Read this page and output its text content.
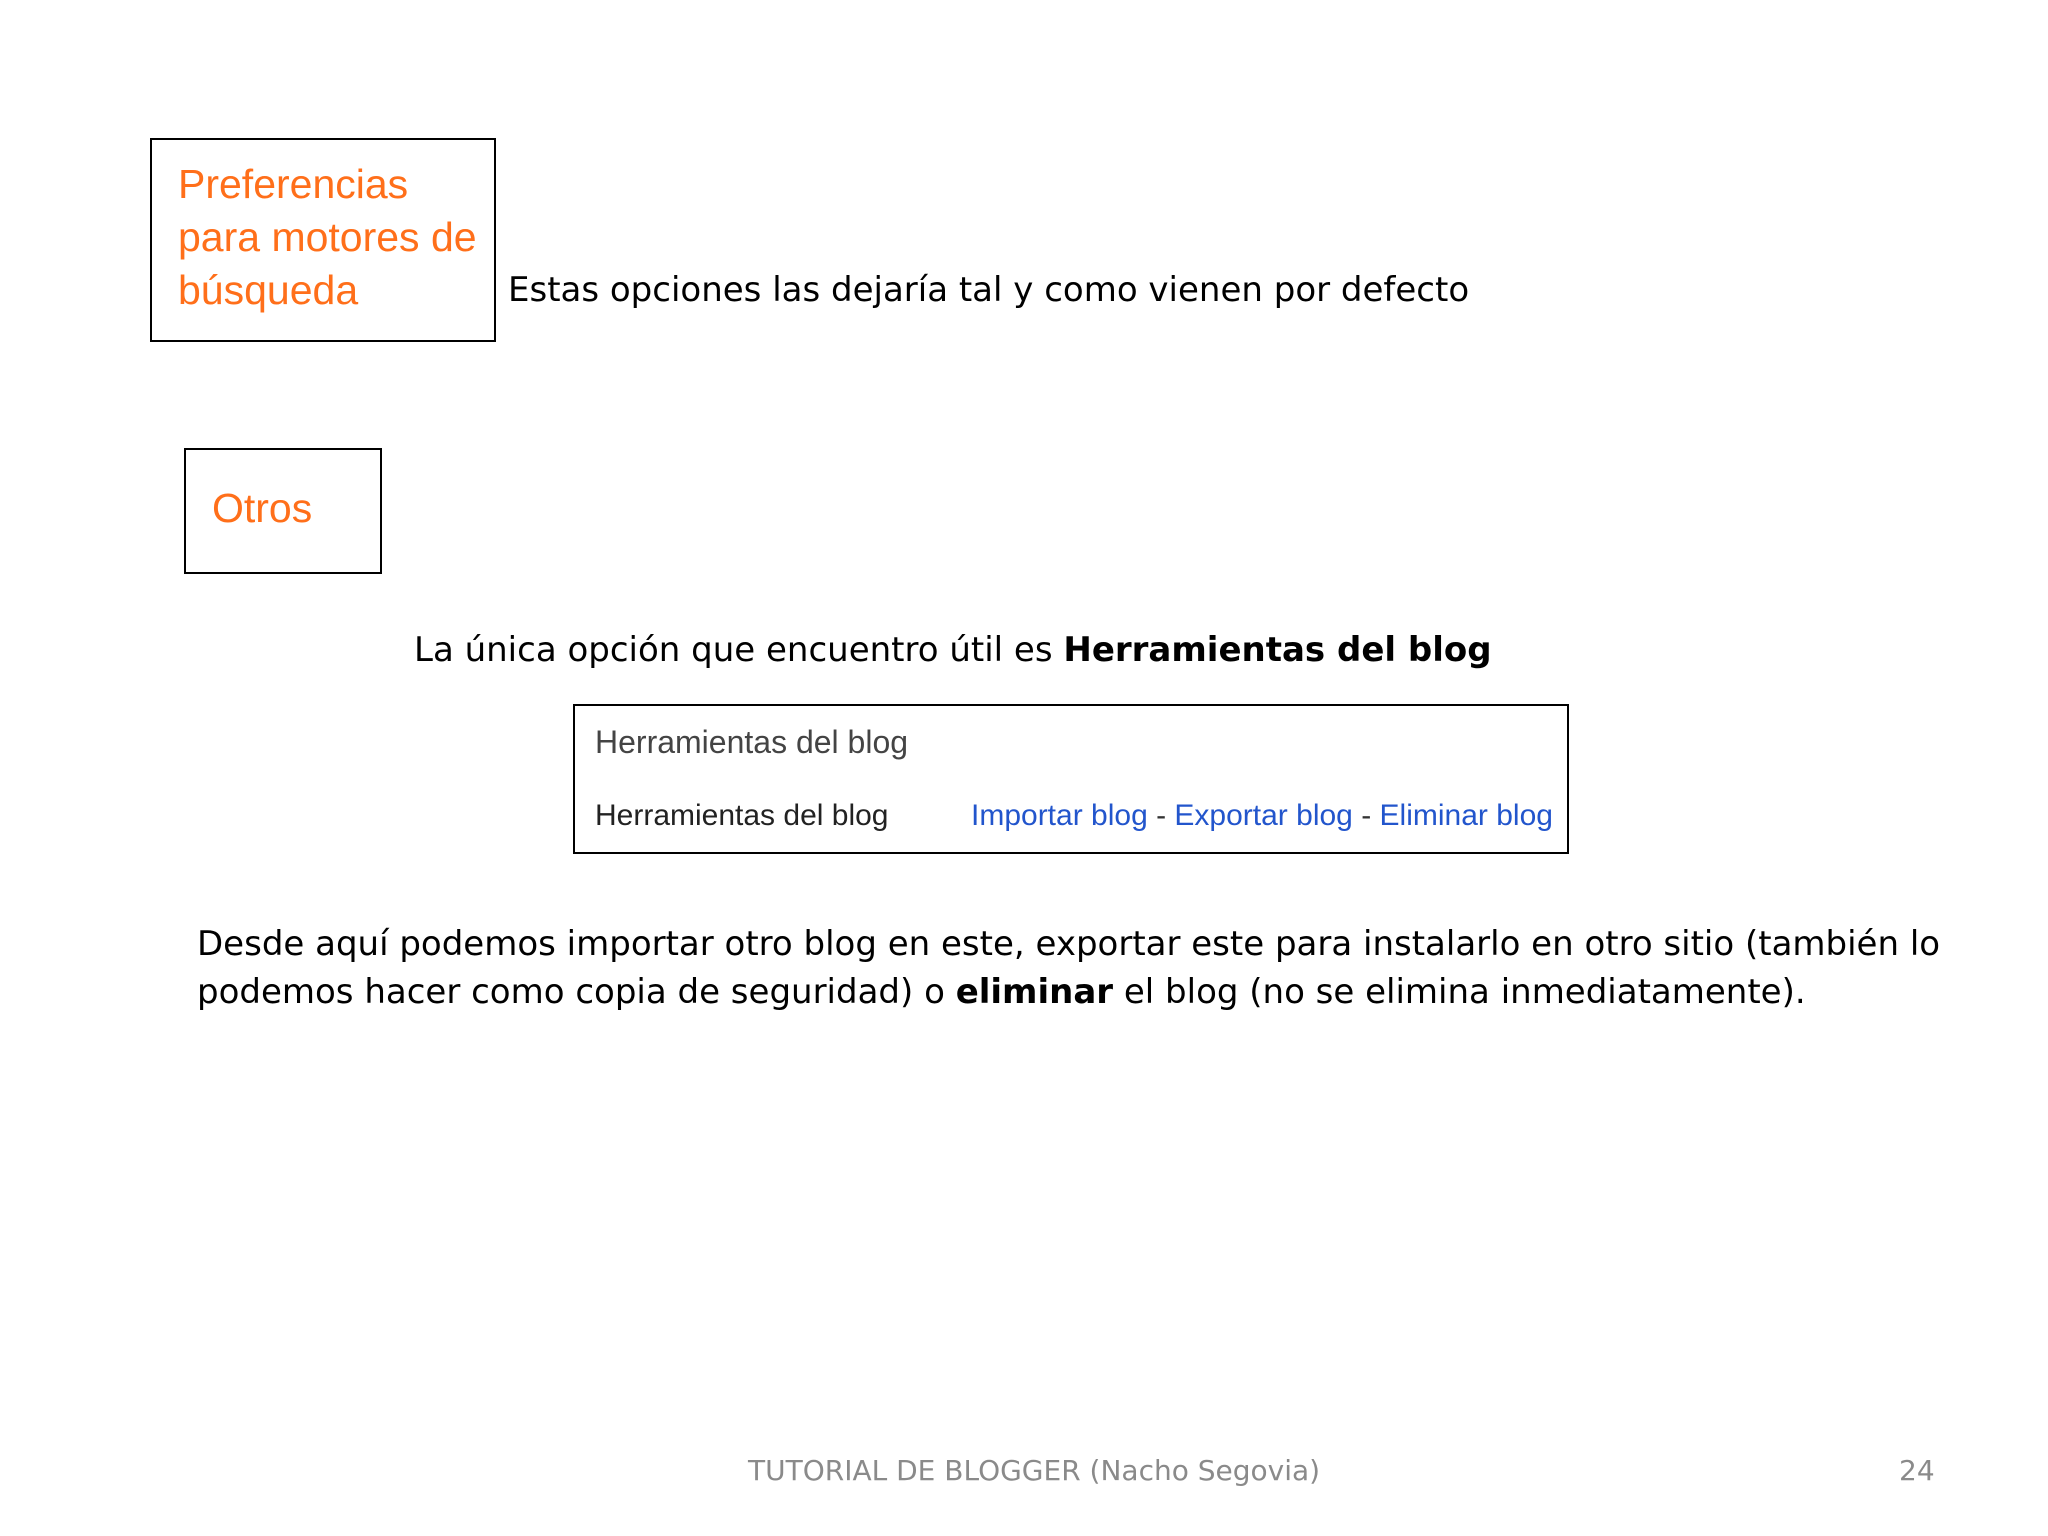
Preferencias
para motores de
búsqueda	Estas opciones las dejaría tal y como vienen por defecto
Otros
La única opción que encuentro útil es Herramientas del blog
Herramientas del blog
Herramientas del blog	Importar blog - Exportar blog - Eliminar blog
Desde aquí podemos importar otro blog en este, exportar este para instalarlo en otro sitio (también lo
podemos hacer como copia de seguridad) o eliminar el blog (no se elimina inmediatamente).
TUTORIAL DE BLOGGER (Nacho Segovia)	24
